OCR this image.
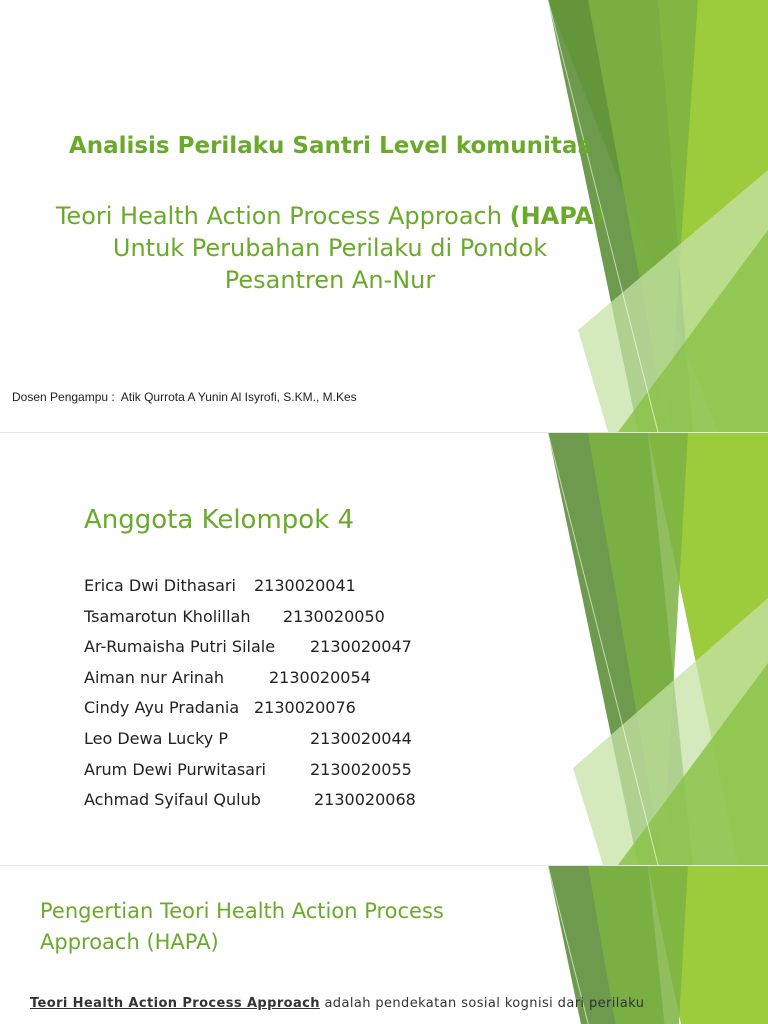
Analisis Perilaku Santri Level komunitas
Teori Health Action Process Approach (HAPA)
Untuk Perubahan Perilaku di Pondok
Pesantren An-Nur
Dosen Pengampu : Atik Qurrota A Yunin Al Isyrofi, S.KM., M.Kes
Anggota Kelompok 4
Erica Dwi Dithasari 2130020041
Tsamarotun Kholillah 2130020050
Ar-Rumaisha Putri Silale 2130020047
Aiman nur Arinah	2130020054
Cindy Ayu Pradania 2130020076
Leo Dewa Lucky P	2130020044
Arum Dewi Purwitasari	2130020055
Achmad Syifaul Qulub	2130020068
Pengertian Teori Health Action Process Approach (HAPA)
Teori Health Action Process Approach adalah pendekatan sosial kognisi dari perilaku
